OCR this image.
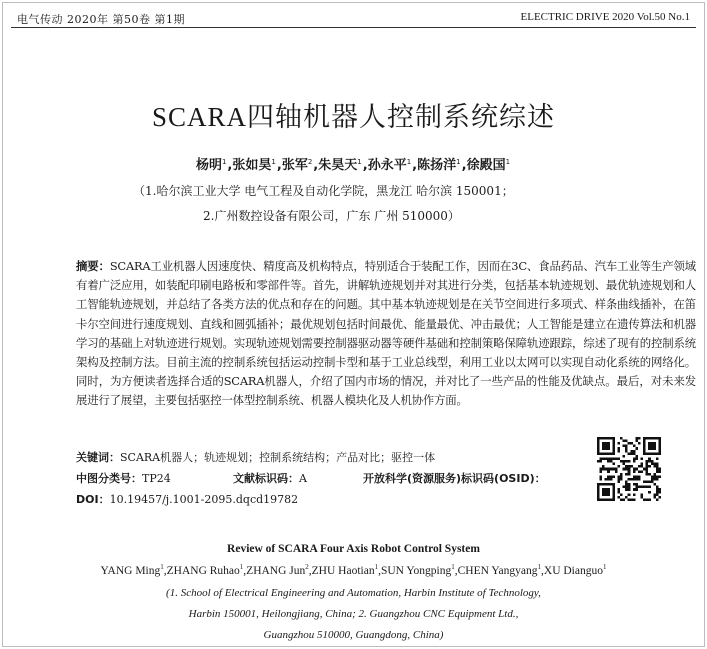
电气传动 2020年 第50卷 第1期	ELECTRIC DRIVE 2020 Vol.50 No.1
SCARA四轴机器人控制系统综述
杨明$^1$,张如昊$^1$,张军$^2$,朱昊天$^1$,孙永平$^1$,陈扬洋$^1$,徐殿国$^1$
（1.哈尔滨工业大学 电气工程及自动化学院，黑龙江 哈尔滨 150001；
2.广州数控设备有限公司，广东 广州 510000）
摘要：SCARA工业机器人因速度快、精度高及机构特点，特别适合于装配工作，因而在3C、食品药品、汽车工业等生产领域有着广泛应用，如装配印刷电路板和零部件等。首先，讲解轨迹规划并对其进行分类，包括基本轨迹规划、最优轨迹规划和人工智能轨迹规划，并总结了各类方法的优点和存在的问题。其中基本轨迹规划是在关节空间进行多项式、样条曲线插补，在笛卡尔空间进行速度规划、直线和圆弧插补；最优规划包括时间最优、能量最优、冲击最优；人工智能是建立在遗传算法和机器学习的基础上对轨迹进行规划。实现轨迹规划需要控制器驱动器等硬件基础和控制策略保障轨迹跟踪，综述了现有的控制系统架构及控制方法。目前主流的控制系统包括运动控制卡型和基于工业总线型，利用工业以太网可以实现自动化系统的网络化。同时，为方便读者选择合适的SCARA机器人，介绍了国内市场的情况，并对比了一些产品的性能及优缺点。最后，对未来发展进行了展望，主要包括驱控一体型控制系统、机器人模块化及人机协作方面。
关键词：SCARA机器人；轨迹规划；控制系统结构；产品对比；驱控一体
中图分类号：TP24	文献标识码：A	开放科学(资源服务)标识码(OSID)：
DOI：10.19457/j.1001-2095.dqcd19782
Review of SCARA Four Axis Robot Control System
YANG Ming$^1$,ZHANG Ruhao$^1$,ZHANG Jun$^2$,ZHU Haotian$^1$,SUN Yongping$^1$,CHEN Yangyang$^1$,XU Dianguo$^1$
(1. School of Electrical Engineering and Automation, Harbin Institute of Technology,
Harbin 150001, Heilongjiang, China; 2. Guangzhou CNC Equipment Ltd.,
Guangzhou 510000, Guangdong, China)
